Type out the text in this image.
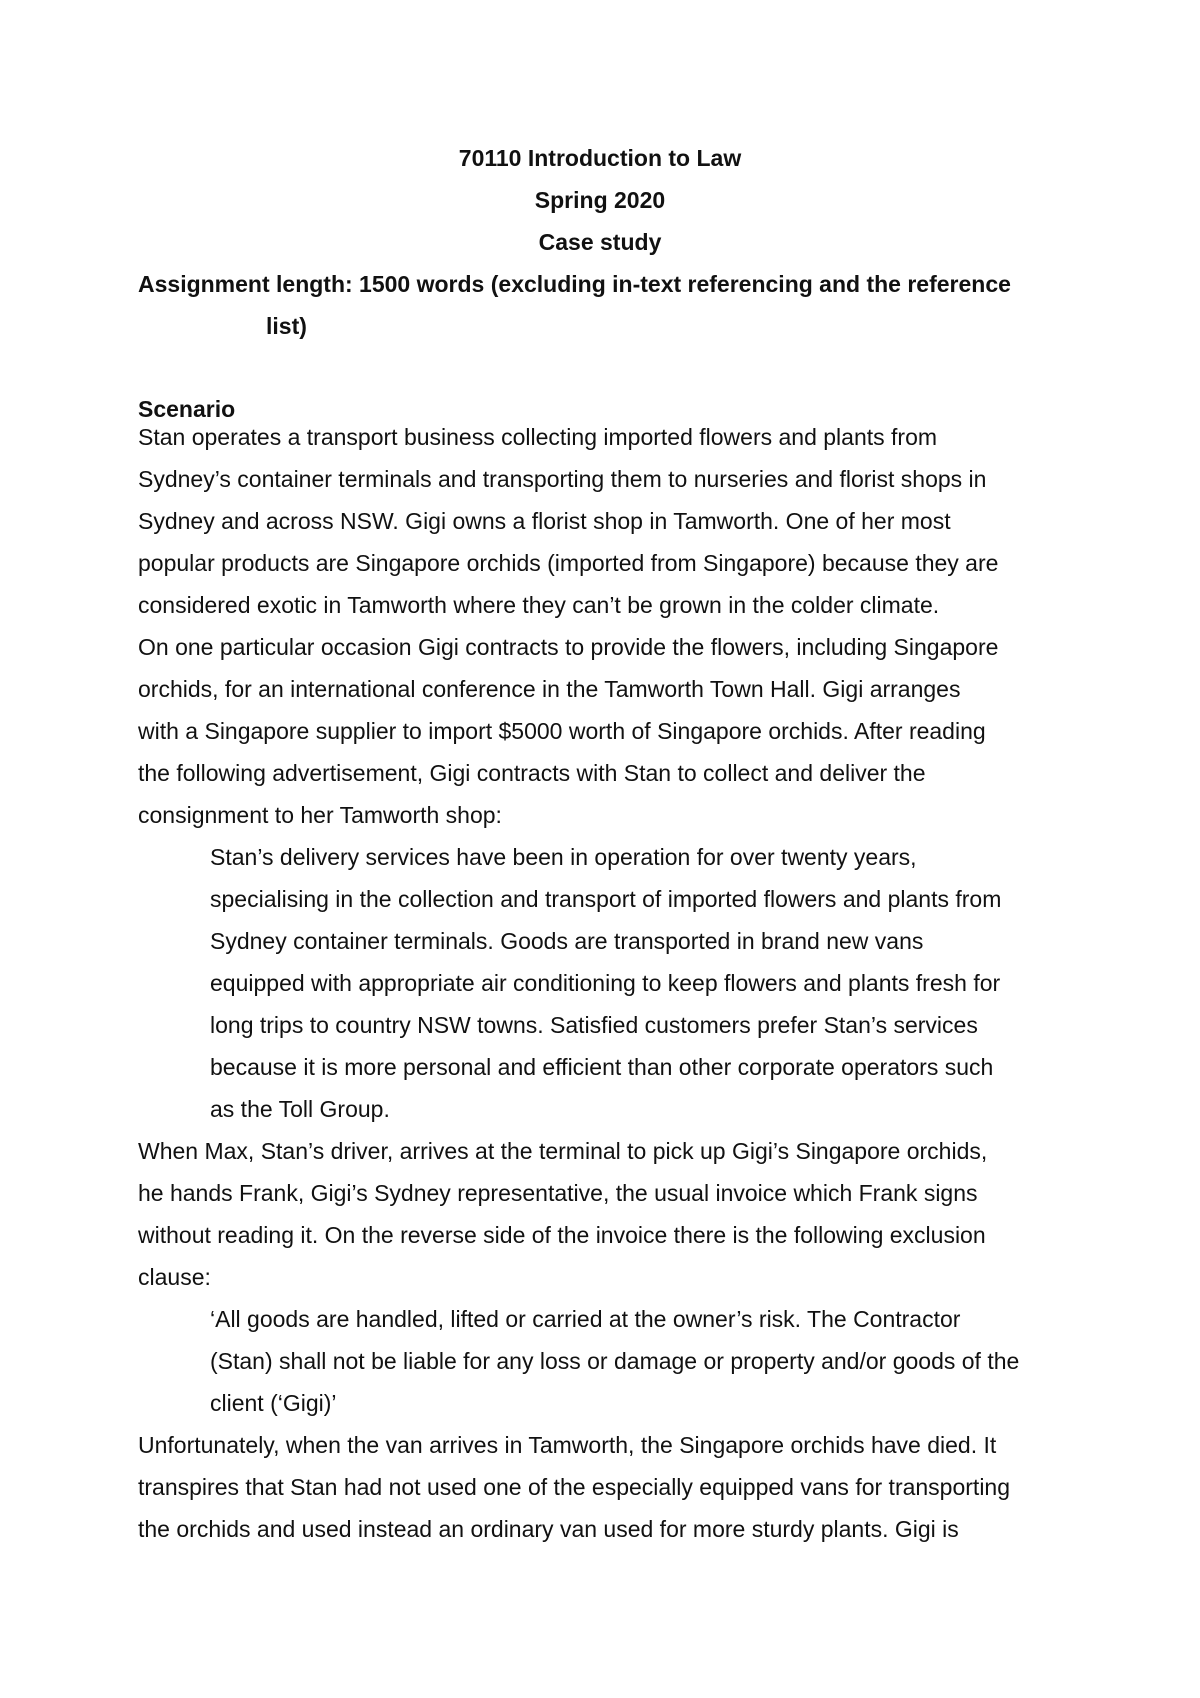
70110 Introduction to Law
Spring 2020
Case study
Assignment length: 1500 words (excluding in-text referencing and the reference
list)
Scenario
Stan operates a transport business collecting imported flowers and plants from
Sydney’s container terminals and transporting them to nurseries and florist shops in
Sydney and across NSW. Gigi owns a florist shop in Tamworth. One of her most
popular products are Singapore orchids (imported from Singapore) because they are
considered exotic in Tamworth where they can’t be grown in the colder climate.
On one particular occasion Gigi contracts to provide the flowers, including Singapore
orchids, for an international conference in the Tamworth Town Hall. Gigi arranges
with a Singapore supplier to import $5000 worth of Singapore orchids. After reading
the following advertisement, Gigi contracts with Stan to collect and deliver the
consignment to her Tamworth shop:
Stan’s delivery services have been in operation for over twenty years,
specialising in the collection and transport of imported flowers and plants from
Sydney container terminals. Goods are transported in brand new vans
equipped with appropriate air conditioning to keep flowers and plants fresh for
long trips to country NSW towns. Satisfied customers prefer Stan’s services
because it is more personal and efficient than other corporate operators such
as the Toll Group.
When Max, Stan’s driver, arrives at the terminal to pick up Gigi’s Singapore orchids,
he hands Frank, Gigi’s Sydney representative, the usual invoice which Frank signs
without reading it. On the reverse side of the invoice there is the following exclusion
clause:
‘All goods are handled, lifted or carried at the owner’s risk. The Contractor
(Stan) shall not be liable for any loss or damage or property and/or goods of the
client (‘Gigi)’
Unfortunately, when the van arrives in Tamworth, the Singapore orchids have died. It
transpires that Stan had not used one of the especially equipped vans for transporting
the orchids and used instead an ordinary van used for more sturdy plants. Gigi is
